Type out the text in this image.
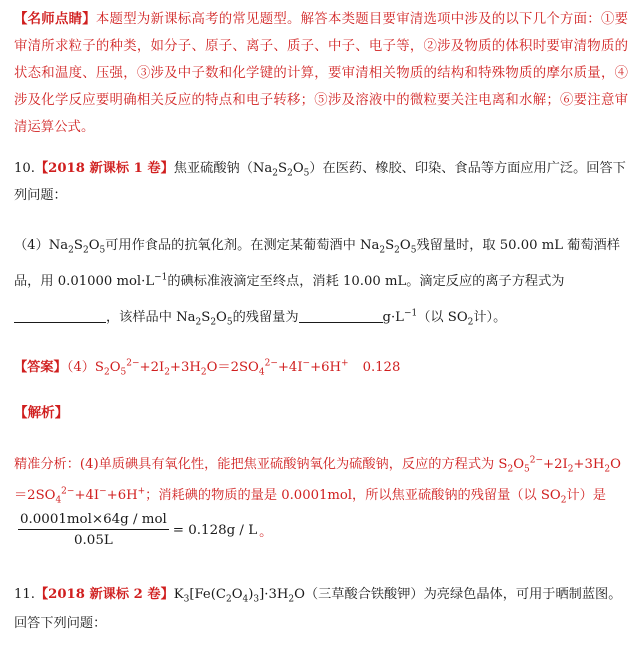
【名师点睛】本题型为新课标高考的常见题型。解答本类题目要审清选项中涉及的以下几个方面：①要审清所求粒子的种类，如分子、原子、离子、质子、中子、电子等，②涉及物质的体积时要审清物质的状态和温度、压强，③涉及中子数和化学键的计算，要审清相关物质的结构和特殊物质的摩尔质量，④涉及化学反应要明确相关反应的特点和电子转移；⑤涉及溶液中的微粒要关注电离和水解；⑥要注意审清运算公式。
10.【2018 新课标 1 卷】焦亚硫酸钠$(Na_2S_2O_5)$在医药、橡胶、印染、食品等方面应用广泛。回答下列问题：
$(4)Na_2S_2O_5$可用作食品的抗氧化剂。在测定某葡萄酒中 $Na_2S_2O_5$残留量时，取 50.00 mL 葡萄酒样品，用 0.01000 $mol\cdot L^{-1}$的碘标准液滴定至终点，消耗 10.00 mL。滴定反应的离子方程式为，该样品中 $Na_2S_2O_5$的残留量为	$g\cdot L^{-1}$（以 $SO_2$计）。
【答案】$(4)S_2O_5^{2-}+2I_2+3H_2O=2SO_4^{2-}+4I^-+6H^+$ 0.128
【解析】
精准分析：(4)单质碘具有氧化性，能把焦亚硫酸钠氧化为硫酸钠，反应的方程式为 $S_2O_5^{2-}+2I_2+3H_2O=2SO_4^{2-}+4I^-+6H^+$；消耗碘的物质的量是 0.0001mol，所以焦亚硫酸钠的残留量（以 $SO_2$计）是
$\frac{\text{0.0001mol×64g / mol}}{0.05L} = 0.128g / L$ 。
11.【2018 新课标 2 卷】$K_3[Fe(C_2O_4)_3]\cdot 3H_2O$（三草酸合铁酸钾）为亮绿色晶体，可用于晒制蓝图。回答下列问题：
